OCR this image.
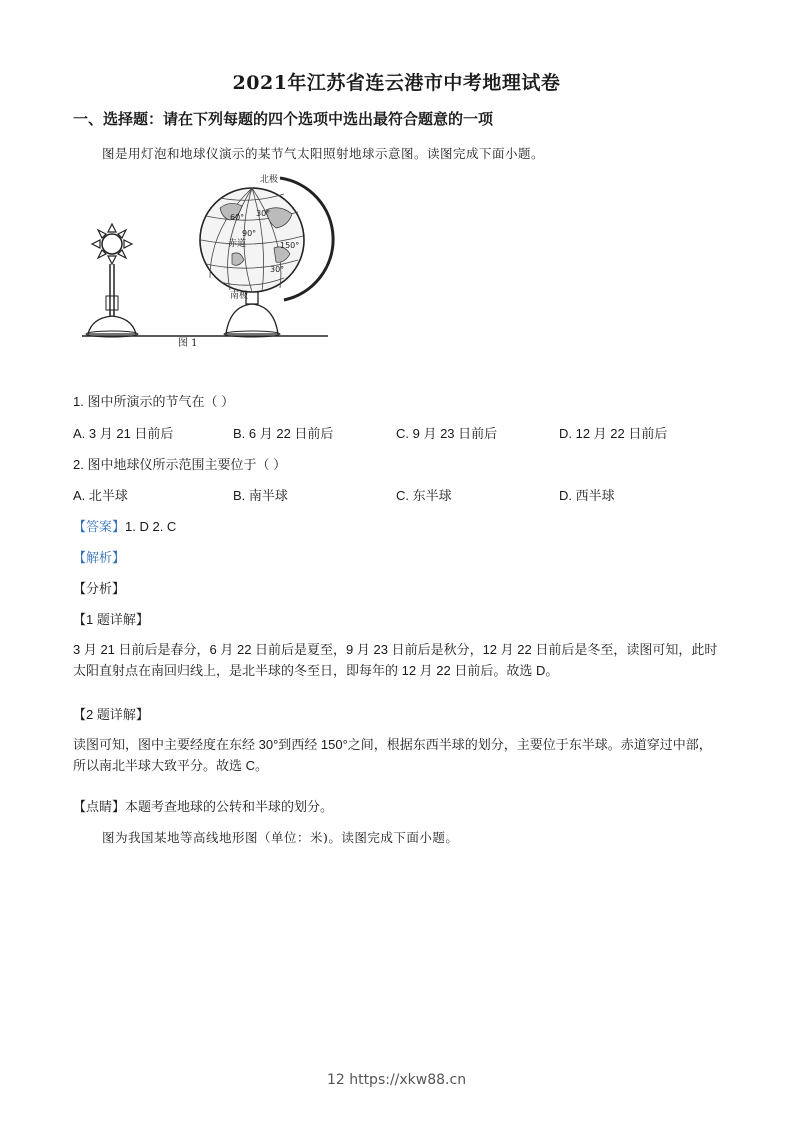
2021年江苏省连云港市中考地理试卷
一、选择题：请在下列每题的四个选项中选出最符合题意的一项
图是用灯泡和地球仪演示的某节气太阳照射地球示意图。读图完成下面小题。
北极
南极
赤道
60° 30°
90°
30°
150°
图 1
1. 图中所演示的节气在（ ）
A. 3 月 21 日前后	B. 6 月 22 日前后	C. 9 月 23 日前后	D. 12 月 22 日前后
2. 图中地球仪所示范围主要位于（ ）
A. 北半球	B. 南半球	C. 东半球	D. 西半球
【答案】1. D 2. C
【解析】
【分析】
【1 题详解】
3 月 21 日前后是春分，6 月 22 日前后是夏至，9 月 23 日前后是秋分，12 月 22 日前后是冬至，读图可知，此时太阳直射点在南回归线上，是北半球的冬至日，即每年的 12 月 22 日前后。故选 D。
【2 题详解】
读图可知，图中主要经度在东经 30°到西经 150°之间，根据东西半球的划分，主要位于东半球。赤道穿过中部，所以南北半球大致平分。故选 C。
【点睛】本题考查地球的公转和半球的划分。
图为我国某地等高线地形图（单位：米)。读图完成下面小题。
12 https://xkw88.cn
